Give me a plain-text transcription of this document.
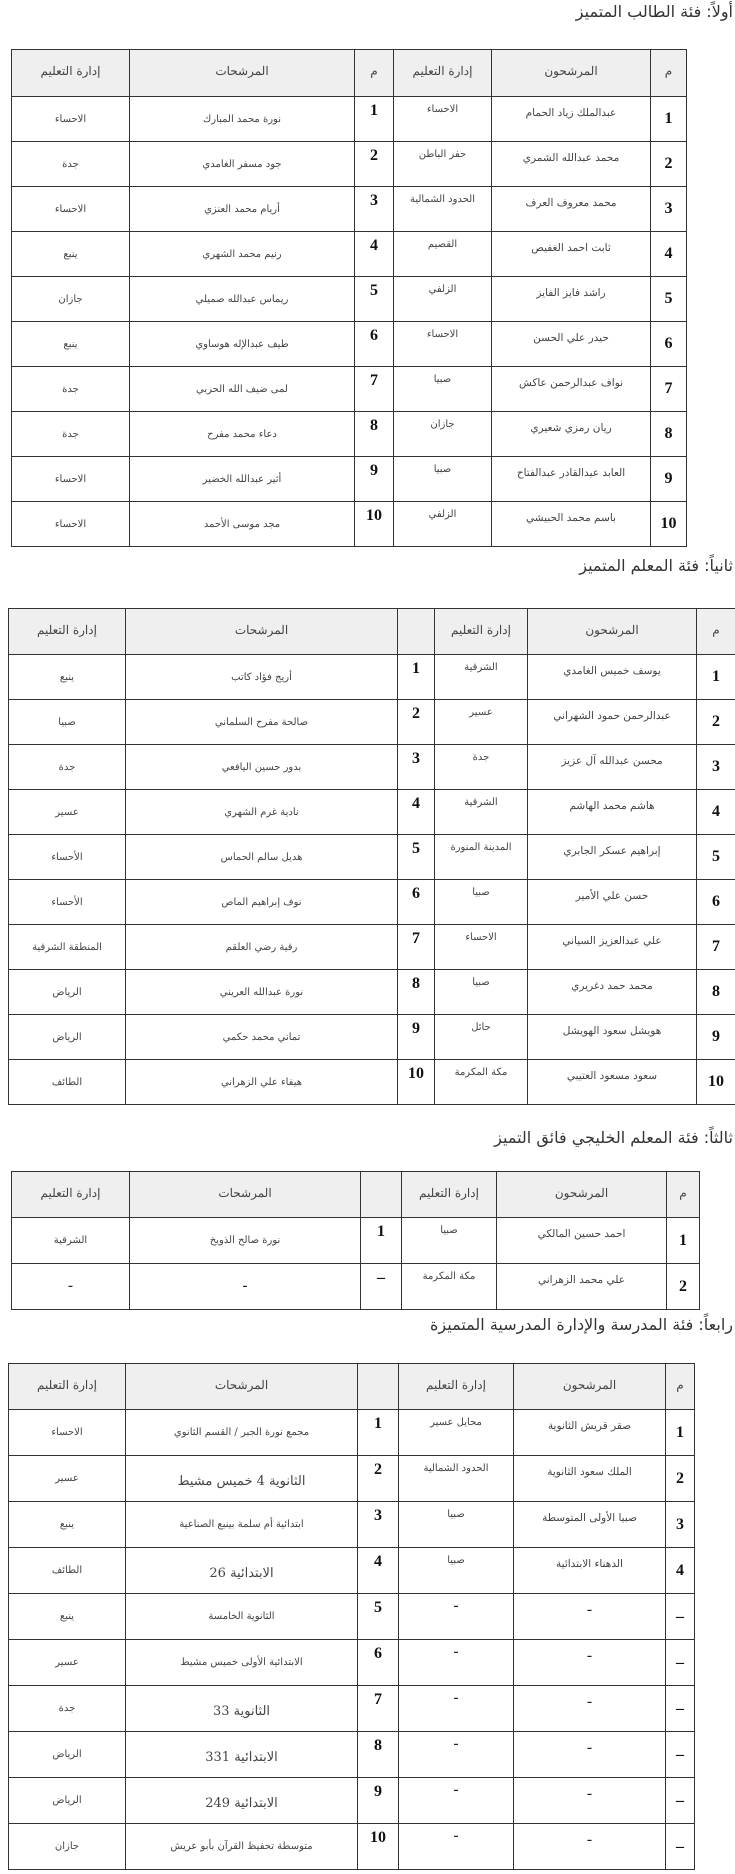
أولاً: فئة الطالب المتميز
إدارة التعليم	المرشحات	م	إدارة التعليم	المرشحون	م
الاحساء	نورة محمد المبارك	1	الاحساء	عبدالملك زياد الحمام	1
جدة	جود مسفر الغامدي	2	حفر الباطن	محمد عبدالله الشمري	2
الاحساء	أريام محمد العنزي	3	الحدود الشمالية	محمد معروف العرف	3
ينبع	رنيم محمد الشهري	4	القصيم	ثابت احمد الغفيص	4
جازان	ريماس عبدالله صميلي	5	الزلفي	راشد فايز الفايز	5
ينبع	طيف عبدالإله هوساوي	6	الاحساء	حيدر علي الحسن	6
جدة	لمى ضيف الله الحربي	7	صبيا	نواف عبدالرحمن عاكش	7
جدة	دعاء محمد مفرح	8	جازان	ريان رمزي شعيري	8
الاحساء	أثير عبدالله الخضير	9	صبيا	العابد عبدالقادر عبدالفتاح	9
الاحساء	مجد موسى الأحمد	10	الزلفي	باسم محمد الحبيشي	10
ثانياً: فئة المعلم المتميز
إدارة التعليم	المرشحات		إدارة التعليم	المرشحون	م
ينبع	أريج فؤاد كاتب	1	الشرقية	يوسف خميس الغامدي	1
صبيا	صالحة مفرح السلماني	2	عسير	عبدالرحمن حمود الشهراني	2
جدة	بدور حسين اليافعي	3	جدة	محسن عبدالله آل عزيز	3
عسير	نادية غرم الشهري	4	الشرقية	هاشم محمد الهاشم	4
الأحساء	هديل سالم الحماس	5	المدينة المنورة	إبراهيم عسكر الجابري	5
الأحساء	نوف إبراهيم الماص	6	صبيا	حسن علي الأمير	6
المنطقة الشرقية	رقية رضي العلقم	7	الاحساء	علي عبدالعزيز السياني	7
الرياض	نورة عبدالله العريني	8	صبيا	محمد حمد دغريري	8
الرياض	تماني محمد حكمي	9	حائل	هويشل سعود الهويشل	9
الطائف	هيفاء علي الزهراني	10	مكة المكرمة	سعود مسعود العتيبي	10
ثالثاً: فئة المعلم الخليجي فائق التميز
إدارة التعليم	المرشحات		إدارة التعليم	المرشحون	م
الشرقية	نورة صالح الذويخ	1	صبيا	احمد حسين المالكي	1
–	–	–	مكة المكرمة	علي محمد الزهراني	2
رابعاً: فئة المدرسة والإدارة المدرسية المتميزة
إدارة التعليم	المرشحات		إدارة التعليم	المرشحون	م
الاحساء	مجمع نورة الجبر / القسم الثانوي	1	محايل عسير	صقر قريش الثانوية	1
عسير	الثانوية 4 خميس مشيط	2	الحدود الشمالية	الملك سعود الثانوية	2
ينبع	ابتدائية أم سلمة بينبع الصناعية	3	صبيا	صبيا الأولى المتوسطة	3
الطائف	الابتدائية 26	4	صبيا	الدهناء الابتدائية	4
ينبع	الثانوية الخامسة	5	–	–	–
عسير	الابتدائية الأولى خميس مشيط	6	–	–	–
جدة	الثانوية 33	7	–	–	–
الرياض	الابتدائية 331	8	–	–	–
الرياض	الابتدائية 249	9	–	–	–
جازان	متوسطة تحفيظ القرآن بأبو عريش	10	–	–	–
